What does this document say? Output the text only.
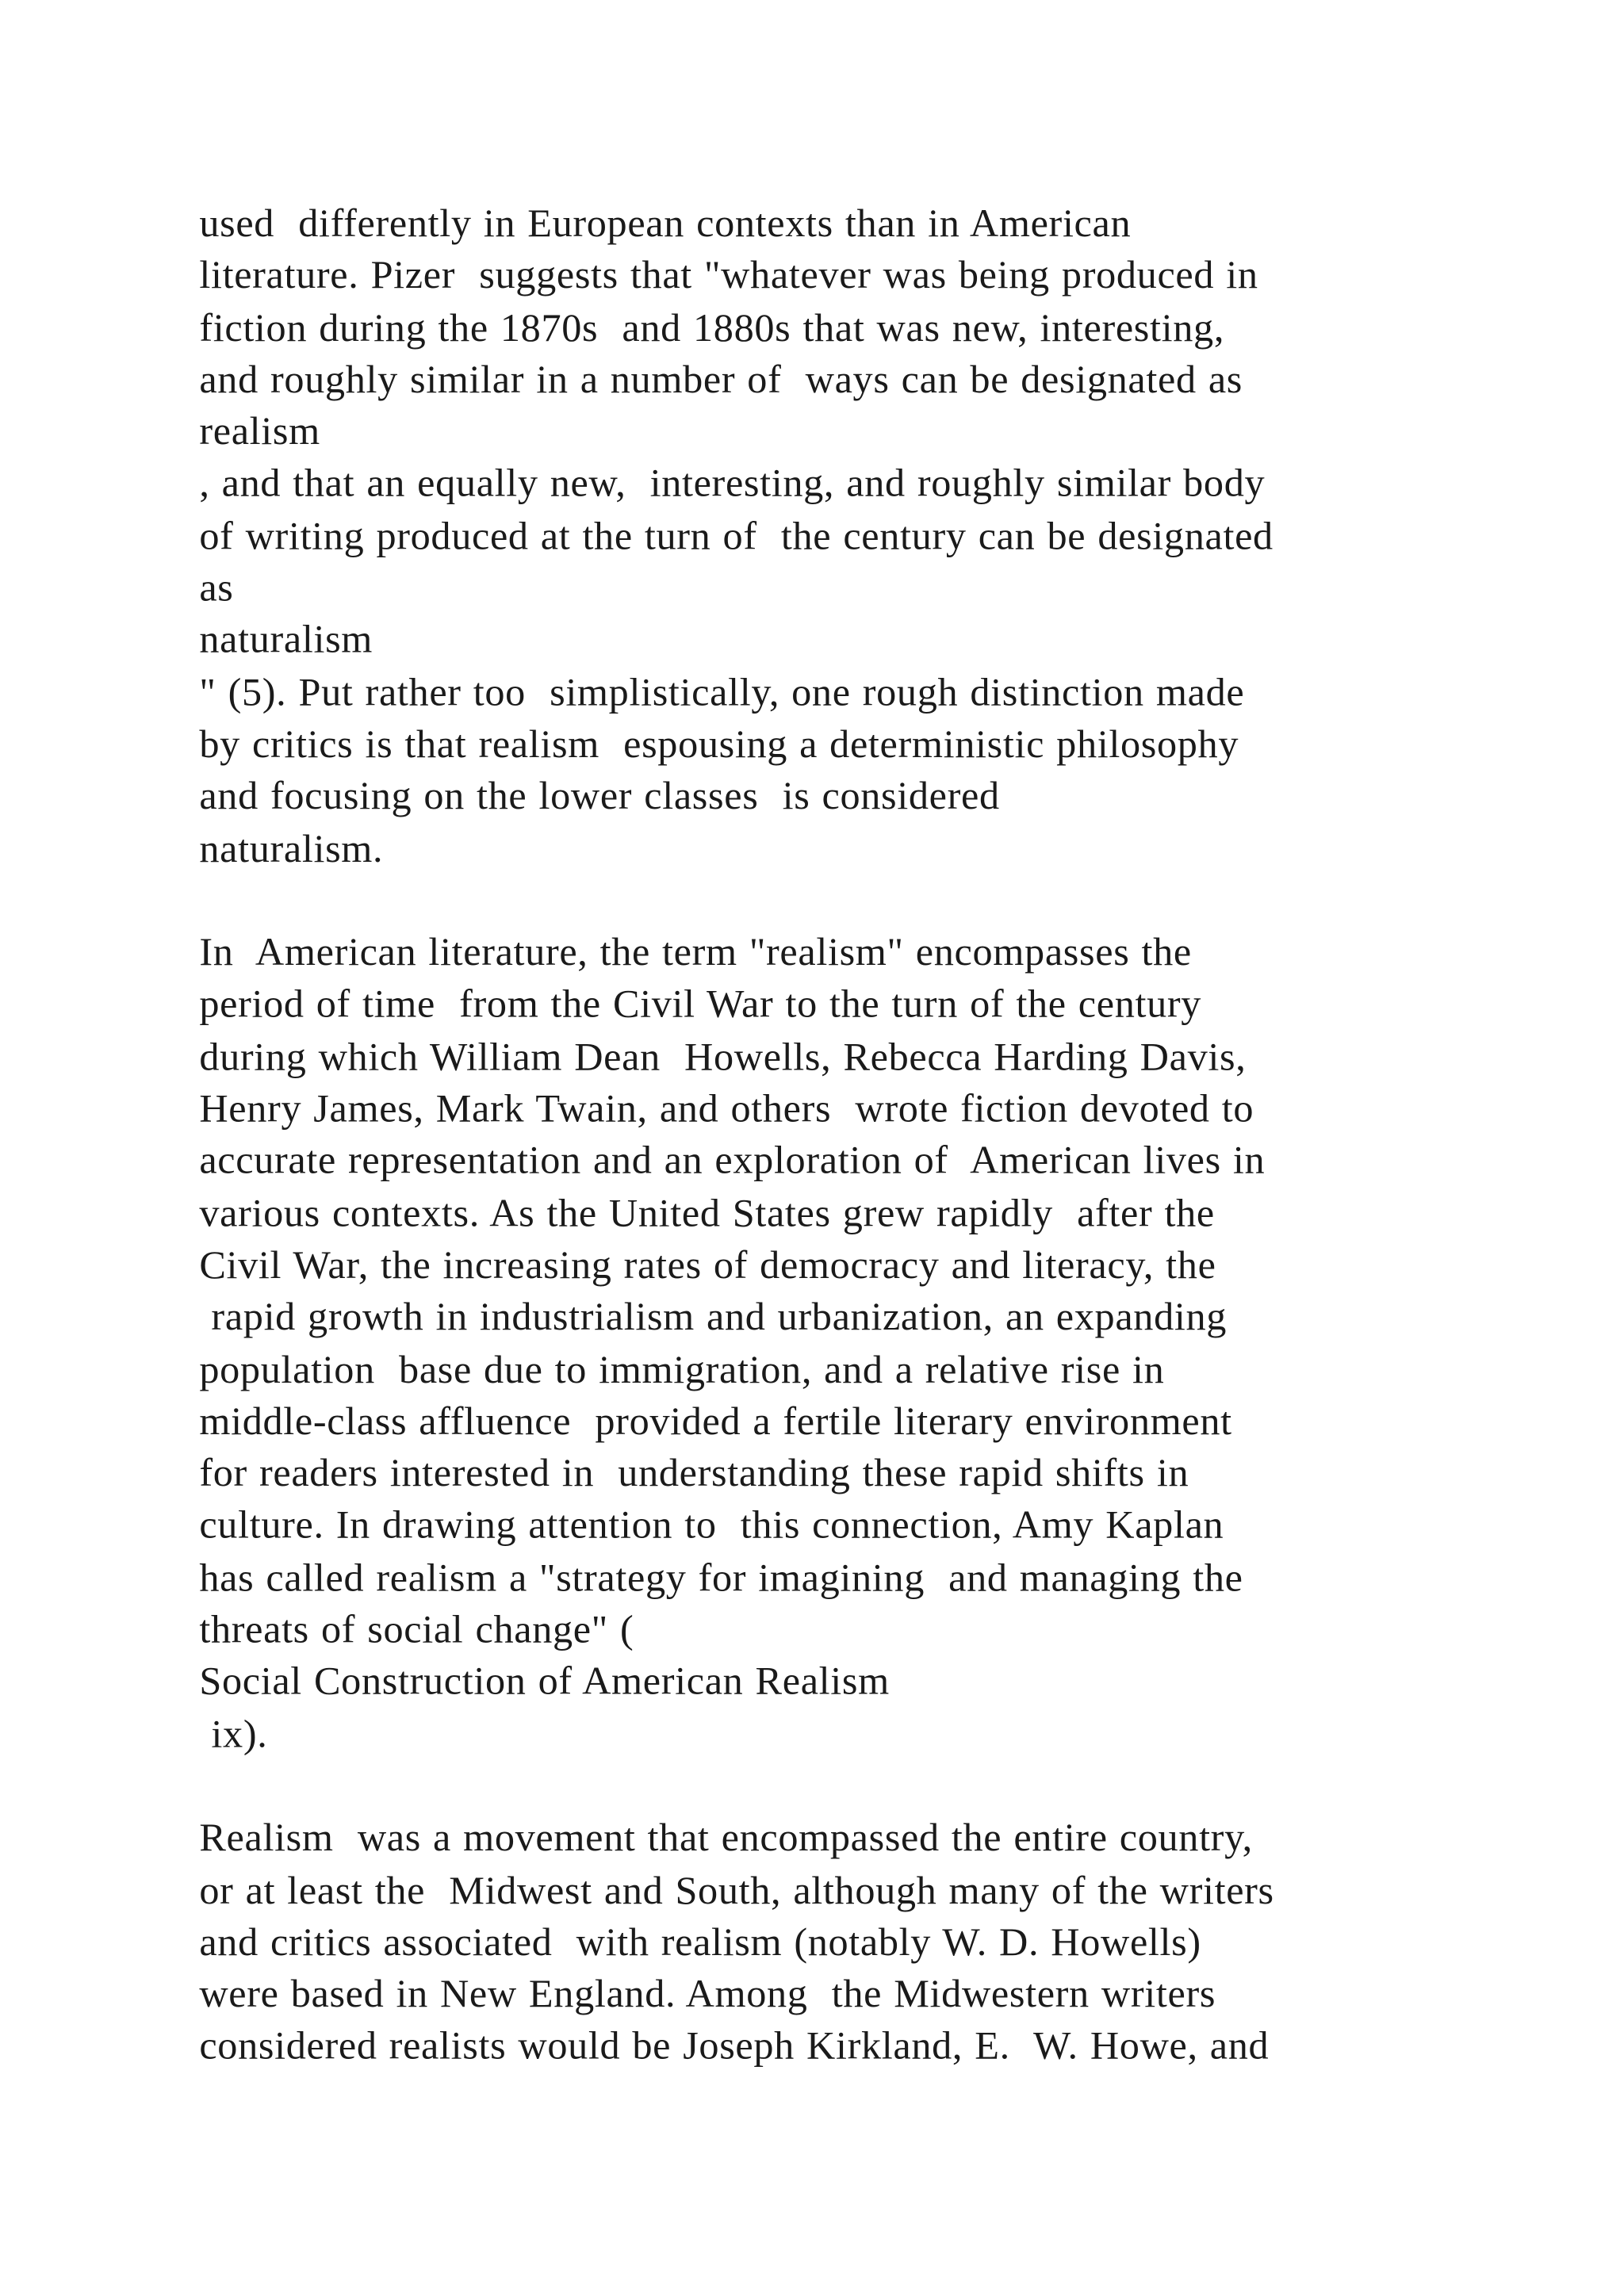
used  differently in European contexts than in American
literature. Pizer  suggests that "whatever was being produced in
fiction during the 1870s  and 1880s that was new, interesting,
and roughly similar in a number of  ways can be designated as
realism
, and that an equally new,  interesting, and roughly similar body
of writing produced at the turn of  the century can be designated
as
naturalism
" (5). Put rather too  simplistically, one rough distinction made
by critics is that realism  espousing a deterministic philosophy
and focusing on the lower classes  is considered
naturalism.
In  American literature, the term "realism" encompasses the
period of time  from the Civil War to the turn of the century
during which William Dean  Howells, Rebecca Harding Davis,
Henry James, Mark Twain, and others  wrote fiction devoted to
accurate representation and an exploration of  American lives in
various contexts. As the United States grew rapidly  after the
Civil War, the increasing rates of democracy and literacy, the
rapid growth in industrialism and urbanization, an expanding
population  base due to immigration, and a relative rise in
middle-class affluence  provided a fertile literary environment
for readers interested in  understanding these rapid shifts in
culture. In drawing attention to  this connection, Amy Kaplan
has called realism a "strategy for imagining  and managing the
threats of social change" (
Social Construction of American Realism
ix).
Realism  was a movement that encompassed the entire country,
or at least the  Midwest and South, although many of the writers
and critics associated  with realism (notably W. D. Howells)
were based in New England. Among  the Midwestern writers
considered realists would be Joseph Kirkland, E.  W. Howe, and
